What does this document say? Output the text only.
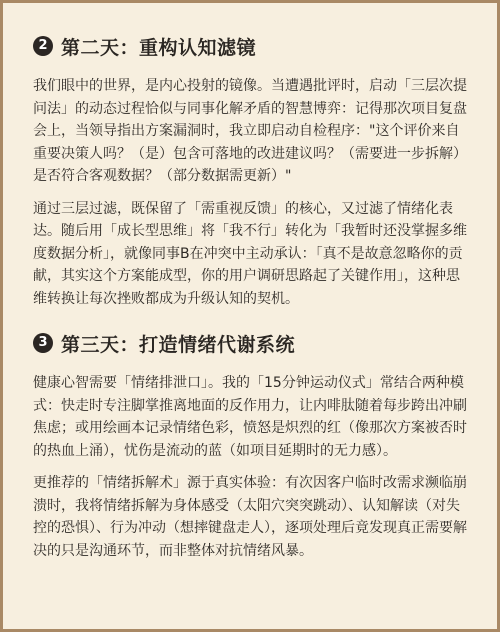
2 第二天：重构认知滤镜

我们眼中的世界，是内心投射的镜像。当遭遇批评时，启动「三层次提问法」的动态过程恰似与同事化解矛盾的智慧博弈：记得那次项目复盘会上，当领导指出方案漏洞时，我立即启动自检程序："这个评价来自重要决策人吗？（是）包含可落地的改进建议吗？（需要进一步拆解）是否符合客观数据？（部分数据需更新）"

通过三层过滤，既保留了「需重视反馈」的核心，又过滤了情绪化表达。随后用「成长型思维」将「我不行」转化为「我暂时还没掌握多维度数据分析」，就像同事B在冲突中主动承认：「真不是故意忽略你的贡献，其实这个方案能成型，你的用户调研思路起了关键作用」，这种思维转换让每次挫败都成为升级认知的契机。

3 第三天：打造情绪代谢系统

健康心智需要「情绪排泄口」。我的「15分钟运动仪式」常结合两种模式：快走时专注脚掌推离地面的反作用力，让内啡肽随着每步跨出冲刷焦虑；或用绘画本记录情绪色彩，愤怒是炽烈的红（像那次方案被否时的热血上涌），忧伤是流动的蓝（如项目延期时的无力感）。

更推荐的「情绪拆解术」源于真实体验：有次因客户临时改需求濒临崩溃时，我将情绪拆解为身体感受（太阳穴突突跳动）、认知解读（对失控的恐惧）、行为冲动（想摔键盘走人），逐项处理后竟发现真正需要解决的只是沟通环节，而非整体对抗情绪风暴。
